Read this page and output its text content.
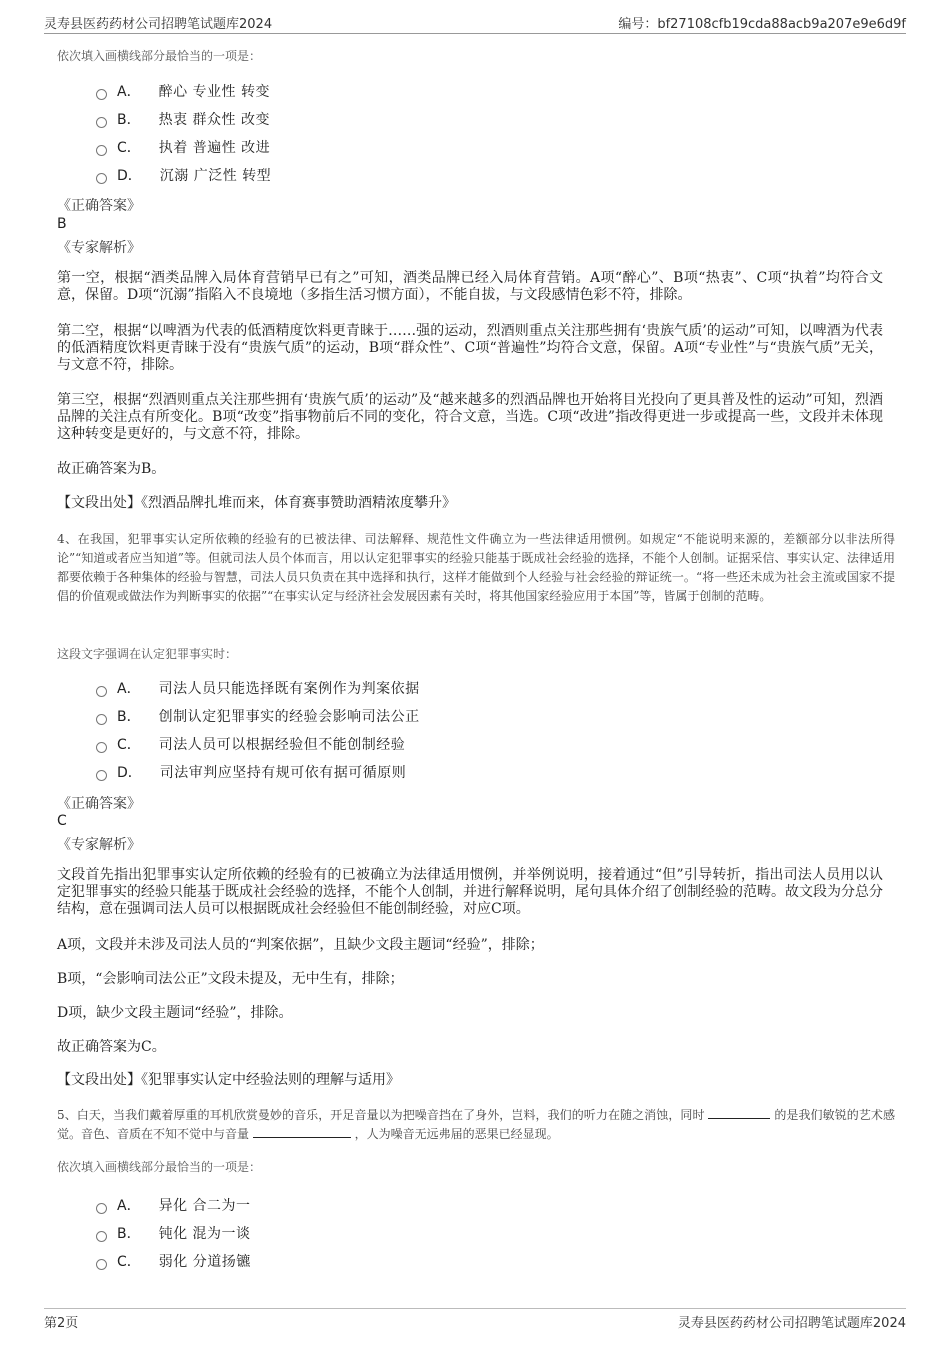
灵寿县医药药材公司招聘笔试题库2024	编号：bf27108cfb19cda88acb9a207e9e6d9f
依次填入画横线部分最恰当的一项是：
A． 醉心 专业性 转变
B． 热衷 群众性 改变
C． 执着 普遍性 改进
D． 沉溺 广泛性 转型
《正确答案》
B
《专家解析》
第一空，根据“酒类品牌入局体育营销早已有之”可知，酒类品牌已经入局体育营销。A项“醉心”、B项“热衷”、C项“执着”均符合文意，保留。D项“沉溺”指陷入不良境地（多指生活习惯方面），不能自拔，与文段感情色彩不符，排除。
第二空，根据“以啤酒为代表的低酒精度饮料更青睐于……强的运动，烈酒则重点关注那些拥有‘贵族气质’的运动”可知，以啤酒为代表的低酒精度饮料更青睐于没有“贵族气质”的运动，B项“群众性”、C项“普遍性”均符合文意，保留。A项“专业性”与“贵族气质”无关，与文意不符，排除。
第三空，根据“烈酒则重点关注那些拥有‘贵族气质’的运动”及“越来越多的烈酒品牌也开始将目光投向了更具普及性的运动”可知，烈酒品牌的关注点有所变化。B项“改变”指事物前后不同的变化，符合文意，当选。C项“改进”指改得更进一步或提高一些，文段并未体现这种转变是更好的，与文意不符，排除。
故正确答案为B。
【文段出处】《烈酒品牌扎堆而来，体育赛事赞助酒精浓度攀升》
4、在我国，犯罪事实认定所依赖的经验有的已被法律、司法解释、规范性文件确立为一些法律适用惯例。如规定“不能说明来源的，差额部分以非法所得论”“知道或者应当知道”等。但就司法人员个体而言，用以认定犯罪事实的经验只能基于既成社会经验的选择，不能个人创制。证据采信、事实认定、法律适用都要依赖于各种集体的经验与智慧，司法人员只负责在其中选择和执行，这样才能做到个人经验与社会经验的辩证统一。“将一些还未成为社会主流或国家不提倡的价值观或做法作为判断事实的依据”“在事实认定与经济社会发展因素有关时，将其他国家经验应用于本国”等，皆属于创制的范畴。
这段文字强调在认定犯罪事实时：
A． 司法人员只能选择既有案例作为判案依据
B． 创制认定犯罪事实的经验会影响司法公正
C． 司法人员可以根据经验但不能创制经验
D． 司法审判应坚持有规可依有据可循原则
《正确答案》
C
《专家解析》
文段首先指出犯罪事实认定所依赖的经验有的已被确立为法律适用惯例，并举例说明，接着通过“但”引导转折，指出司法人员用以认定犯罪事实的经验只能基于既成社会经验的选择，不能个人创制，并进行解释说明，尾句具体介绍了创制经验的范畴。故文段为分总分结构，意在强调司法人员可以根据既成社会经验但不能创制经验，对应C项。
A项，文段并未涉及司法人员的“判案依据”，且缺少文段主题词“经验”，排除；
B项，“会影响司法公正”文段未提及，无中生有，排除；
D项，缺少文段主题词“经验”，排除。
故正确答案为C。
【文段出处】《犯罪事实认定中经验法则的理解与适用》
5、白天，当我们戴着厚重的耳机欣赏曼妙的音乐，开足音量以为把噪音挡在了身外，岂料，我们的听力在随之消蚀，同时	的是我们敏锐的艺术感觉。音色、音质在不知不觉中与音量	，人为噪音无远弗届的恶果已经显现。
依次填入画横线部分最恰当的一项是：
A． 异化 合二为一
B． 钝化 混为一谈
C． 弱化 分道扬镳
第2页	灵寿县医药药材公司招聘笔试题库2024
